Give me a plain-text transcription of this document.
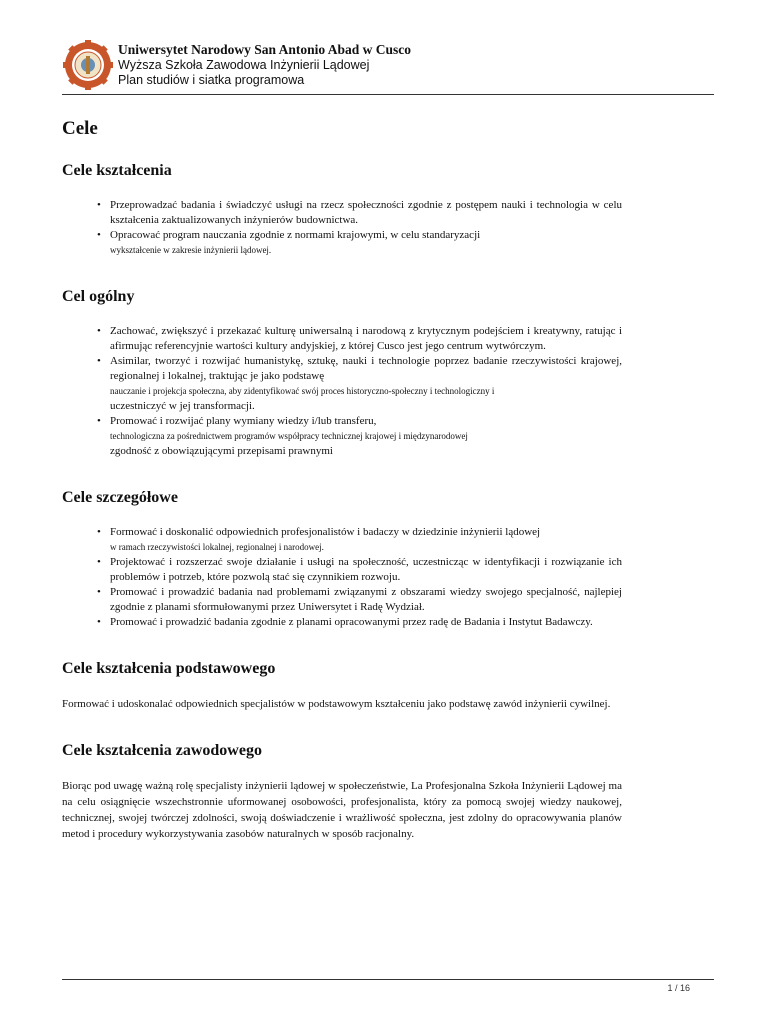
Uniwersytet Narodowy San Antonio Abad w Cusco
Wyższa Szkoła Zawodowa Inżynierii Lądowej
Plan studiów i siatka programowa
Cele
Cele kształcenia
• Przeprowadzać badania i świadczyć usługi na rzecz społeczności zgodnie z postępem nauki i technologia w celu kształcenia zaktualizowanych inżynierów budownictwa.
• Opracować program nauczania zgodnie z normami krajowymi, w celu standaryzacji
wykształcenie w zakresie inżynierii lądowej.
Cel ogólny
• Zachować, zwiększyć i przekazać kulturę uniwersalną i narodową z krytycznym podejściem i kreatywny, ratując i afirmując referencyjnie wartości kultury andyjskiej, z której Cusco jest jego centrum wytwórczym.
• Asimilar, tworzyć i rozwijać humanistykę, sztukę, nauki i technologie poprzez badanie rzeczywistości krajowej, regionalnej i lokalnej, traktując je jako podstawę
nauczanie i projekcja społeczna, aby zidentyfikować swój proces historyczno-społeczny i technologiczny i
uczestniczyć w jej transformacji.
• Promować i rozwijać plany wymiany wiedzy i/lub transferu,
technologiczna za pośrednictwem programów współpracy technicznej krajowej i międzynarodowej
zgodność z obowiązującymi przepisami prawnymi
Cele szczegółowe
• Formować i doskonalić odpowiednich profesjonalistów i badaczy w dziedzinie inżynierii lądowej
w ramach rzeczywistości lokalnej, regionalnej i narodowej.
• Projektować i rozszerzać swoje działanie i usługi na społeczność, uczestnicząc w identyfikacji i rozwiązanie ich problemów i potrzeb, które pozwolą stać się czynnikiem rozwoju.
• Promować i prowadzić badania nad problemami związanymi z obszarami wiedzy swojego specjalność, najlepiej zgodnie z planami sformułowanymi przez Uniwersytet i Radę Wydział.
• Promować i prowadzić badania zgodnie z planami opracowanymi przez radę de Badania i Instytut Badawczy.
Cele kształcenia podstawowego

Formować i udoskonalać odpowiednich specjalistów w podstawowym kształceniu jako podstawę zawód inżynierii cywilnej.

Cele kształcenia zawodowego

Biorąc pod uwagę ważną rolę specjalisty inżynierii lądowej w społeczeństwie, La Profesjonalna Szkoła Inżynierii Lądowej ma na celu osiągnięcie wszechstronnie uformowanej osobowości, profesjonalista, który za pomocą swojej wiedzy naukowej, technicznej, swojej twórczej zdolności, swoją doświadczenie i wrażliwość społeczna, jest zdolny do opracowywania planów metod i procedury wykorzystywania zasobów naturalnych w sposób racjonalny.

1 / 16
